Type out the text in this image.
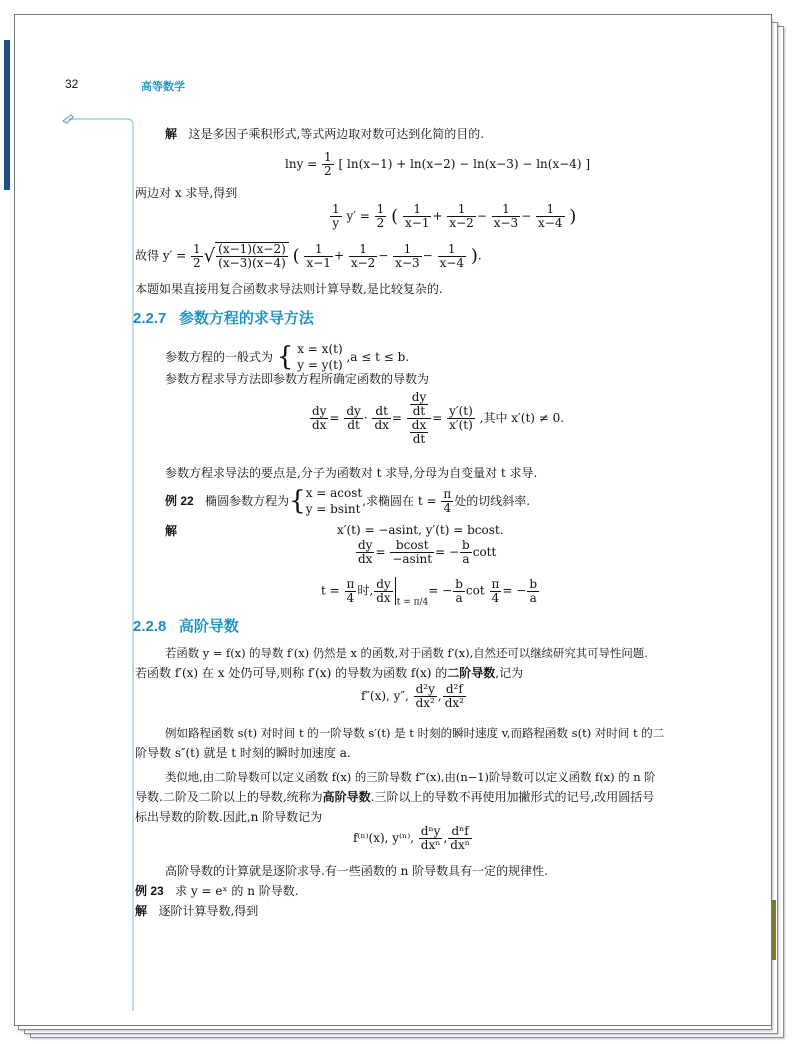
32	高等数学
解 这是多因子乘积形式,等式两边取对数可达到化简的目的.
$\ln y = \frac{1}{2}$ [ ln(x−1) + ln(x−2) − ln(x−3) − ln(x−4) ]
两边对 x 求导,得到
$\frac{1}{y} y' = \frac{1}{2}$ ( $\frac{1}{x-1} + \frac{1}{x-2} - \frac{1}{x-3} - \frac{1}{x-4}$ )
故得 $y' = \frac{1}{2}$ √ $\frac{(x-1)(x-2)}{(x-3)(x-4)}$ ( $\frac{1}{x-1} + \frac{1}{x-2} - \frac{1}{x-3} - \frac{1}{x-4}$ ).
本题如果直接用复合函数求导法则计算导数,是比较复杂的.
2.2.7 参数方程的求导方法
参数方程的一般式为 { x = x(t)
y = y(t)
,a ≤ t ≤ b.
参数方程求导方法即参数方程所确定函数的导数为
$\frac{dy}{dx} = \frac{dy}{dt} \cdot \frac{dt}{dx} = \frac{\frac{dy}{dt}}{\frac{dx}{dt}} = \frac{y'(t)}{x'(t)}$ ,其中 x′(t) ≠ 0.
参数方程求导法的要点是,分子为函数对 t 求导,分母为自变量对 t 求导.
例 22 椭圆参数方程为{ x = acost
y = bsint
,求椭圆在 $t = \frac{\pi}{4}$ 处的切线斜率.
解	x′(t) = −asint, y′(t) = bcost.
$\frac{dy}{dx} = \frac{bcost}{-asint}$ = − $\frac{b}{a}$ cott
$t = \frac{\pi}{4}$ 时, $\frac{dy}{dx} _{t = \pi/4}= - \frac{b}{a}$ $\cot \frac{\pi}{4}$ = − $\frac{b}{a}$
2.2.8 高阶导数
若函数 y = f(x) 的导数 f′(x) 仍然是 x 的函数,对于函数 f′(x),自然还可以继续研究其可导性问题.
若函数 f′(x) 在 x 处仍可导,则称 f′(x) 的导数为函数 f(x) 的二阶导数,记为
f″(x), y″, $\frac{\text{d²y}}{\text{dx²}}$ , $\frac{\text{d²f}}{\text{dx²}}$
例如路程函数 s(t) 对时间 t 的一阶导数 s′(t) 是 t 时刻的瞬时速度 v,而路程函数 s(t) 对时间 t 的二
阶导数 s″(t) 就是 t 时刻的瞬时加速度 a.
类似地,由二阶导数可以定义函数 f(x) 的三阶导数 f‴(x),由(n−1)阶导数可以定义函数 f(x) 的 n 阶
导数.二阶及二阶以上的导数,统称为高阶导数.三阶以上的导数不再使用加撇形式的记号,改用圆括号
标出导数的阶数.因此,n 阶导数记为
f⁽ⁿ⁾(x), y⁽ⁿ⁾, $\frac{\text{dⁿy}}{\text{dxⁿ}}$ , $\frac{\text{dⁿf}}{\text{dxⁿ}}$
高阶导数的计算就是逐阶求导.有一些函数的 n 阶导数具有一定的规律性.
例 23 求 y = eˣ 的 n 阶导数.
解 逐阶计算导数,得到
